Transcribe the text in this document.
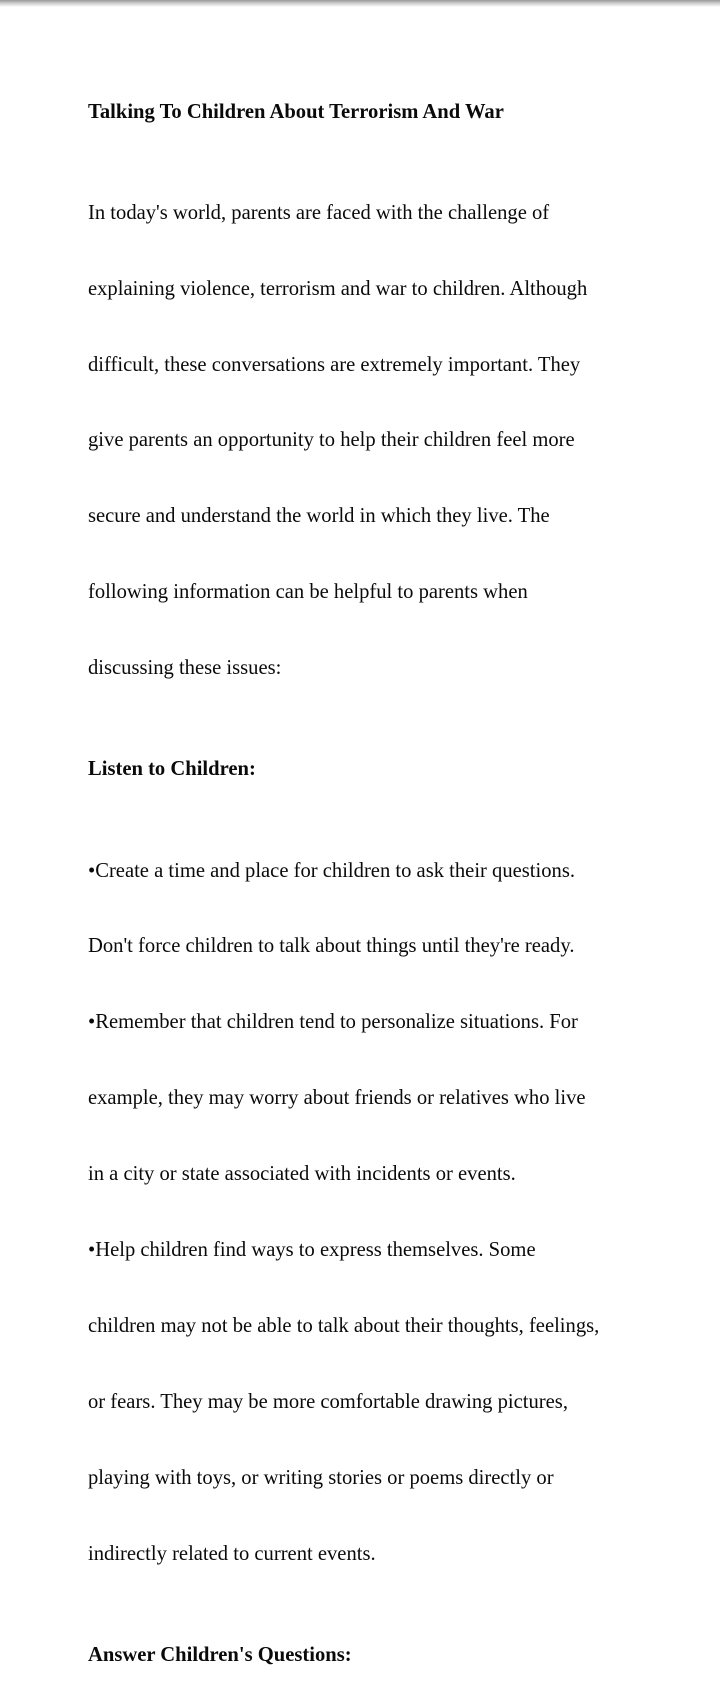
Talking To Children About Terrorism And War

In today's world, parents are faced with the challenge of

explaining violence, terrorism and war to children. Although

difficult, these conversations are extremely important. They

give parents an opportunity to help their children feel more

secure and understand the world in which they live. The

following information can be helpful to parents when

discussing these issues:

Listen to Children:

•Create a time and place for children to ask their questions.

Don't force children to talk about things until they're ready.

•Remember that children tend to personalize situations. For

example, they may worry about friends or relatives who live

in a city or state associated with incidents or events.

•Help children find ways to express themselves. Some

children may not be able to talk about their thoughts, feelings,

or fears. They may be more comfortable drawing pictures,

playing with toys, or writing stories or poems directly or

indirectly related to current events.

Answer Children's Questions:
